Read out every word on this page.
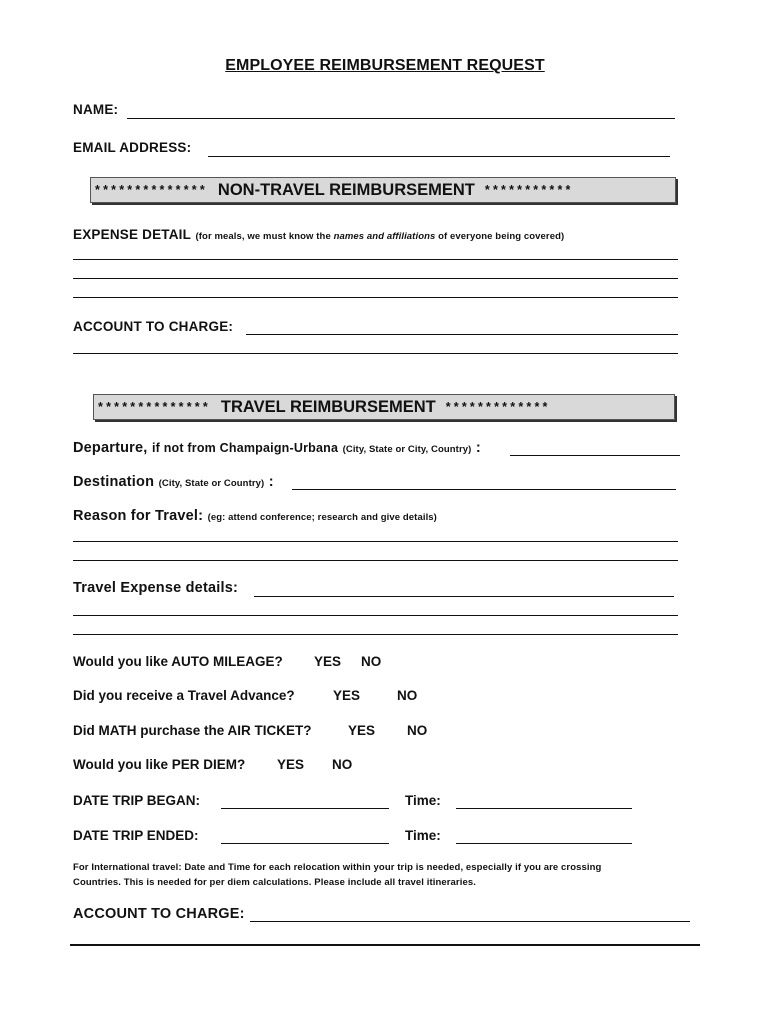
EMPLOYEE REIMBURSEMENT REQUEST
NAME:
EMAIL ADDRESS:
************** NON-TRAVEL REIMBURSEMENT ***********
EXPENSE DETAIL (for meals, we must know the names and affiliations of everyone being covered)
ACCOUNT TO CHARGE:
************** TRAVEL REIMBURSEMENT *************
Departure, if not from Champaign-Urbana (City, State or City, Country) :
Destination (City, State or Country) :
Reason for Travel: (eg: attend conference; research and give details)
Travel Expense details:
Would you like AUTO MILEAGE? YES NO
Did you receive a Travel Advance?	YES	NO
Did MATH purchase the AIR TICKET?	YES NO
Would you like PER DIEM? YES NO
DATE TRIP BEGAN:	Time:
DATE TRIP ENDED:	Time:
For International travel: Date and Time for each relocation within your trip is needed, especially if you are crossing
Countries. This is needed for per diem calculations. Please include all travel itineraries.
ACCOUNT TO CHARGE:
